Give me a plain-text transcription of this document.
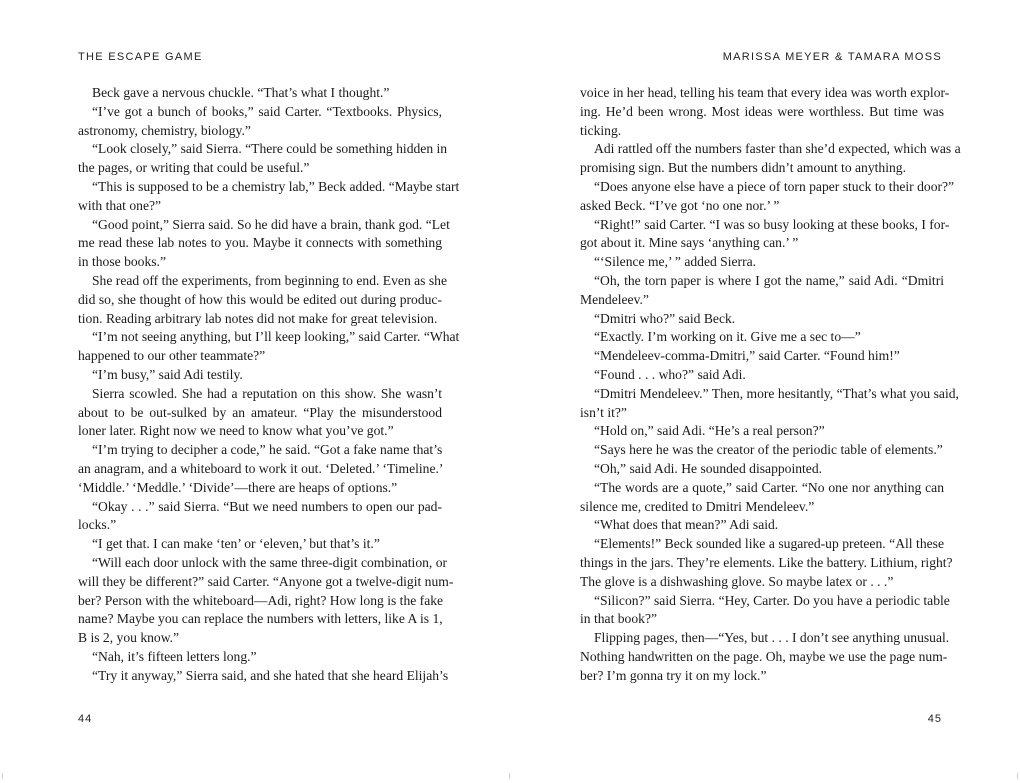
THE ESCAPE GAME
Beck gave a nervous chuckle. “That’s what I thought.”
“I’ve got a bunch of books,” said Carter. “Textbooks. Physics,
astronomy, chemistry, biology.”
“Look closely,” said Sierra. “There could be something hidden in
the pages, or writing that could be useful.”
“This is supposed to be a chemistry lab,” Beck added. “Maybe start
with that one?”
“Good point,” Sierra said. So he did have a brain, thank god. “Let
me read these lab notes to you. Maybe it connects with something
in those books.”
She read off the experiments, from beginning to end. Even as she
did so, she thought of how this would be edited out during produc-
tion. Reading arbitrary lab notes did not make for great television.
“I’m not seeing anything, but I’ll keep looking,” said Carter. “What
happened to our other teammate?”
“I’m busy,” said Adi testily.
Sierra scowled. She had a reputation on this show. She wasn’t
about to be out-sulked by an amateur. “Play the misunderstood
loner later. Right now we need to know what you’ve got.”
“I’m trying to decipher a code,” he said. “Got a fake name that’s
an anagram, and a whiteboard to work it out. ‘Deleted.’ ‘Timeline.’
‘Middle.’ ‘Meddle.’ ‘Divide’—there are heaps of options.”
“Okay . . .” said Sierra. “But we need numbers to open our pad-
locks.”
“I get that. I can make ‘ten’ or ‘eleven,’ but that’s it.”
“Will each door unlock with the same three-digit combination, or
will they be different?” said Carter. “Anyone got a twelve-digit num-
ber? Person with the whiteboard—Adi, right? How long is the fake
name? Maybe you can replace the numbers with letters, like A is 1,
B is 2, you know.”
“Nah, it’s fifteen letters long.”
“Try it anyway,” Sierra said, and she hated that she heard Elijah’s
44
MARISSA MEYER & TAMARA MOSS
voice in her head, telling his team that every idea was worth explor-
ing. He’d been wrong. Most ideas were worthless. But time was
ticking.
Adi rattled off the numbers faster than she’d expected, which was a
promising sign. But the numbers didn’t amount to anything.
“Does anyone else have a piece of torn paper stuck to their door?”
asked Beck. “I’ve got ‘no one nor.’ ”
“Right!” said Carter. “I was so busy looking at these books, I for-
got about it. Mine says ‘anything can.’ ”
“‘Silence me,’ ” added Sierra.
“Oh, the torn paper is where I got the name,” said Adi. “Dmitri
Mendeleev.”
“Dmitri who?” said Beck.
“Exactly. I’m working on it. Give me a sec to—”
“Mendeleev-comma-Dmitri,” said Carter. “Found him!”
“Found . . . who?” said Adi.
“Dmitri Mendeleev.” Then, more hesitantly, “That’s what you said,
isn’t it?”
“Hold on,” said Adi. “He’s a real person?”
“Says here he was the creator of the periodic table of elements.”
“Oh,” said Adi. He sounded disappointed.
“The words are a quote,” said Carter. “No one nor anything can
silence me, credited to Dmitri Mendeleev.”
“What does that mean?” Adi said.
“Elements!” Beck sounded like a sugared-up preteen. “All these
things in the jars. They’re elements. Like the battery. Lithium, right?
The glove is a dishwashing glove. So maybe latex or . . .”
“Silicon?” said Sierra. “Hey, Carter. Do you have a periodic table
in that book?”
Flipping pages, then—“Yes, but . . . I don’t see anything unusual.
Nothing handwritten on the page. Oh, maybe we use the page num-
ber? I’m gonna try it on my lock.”
45
